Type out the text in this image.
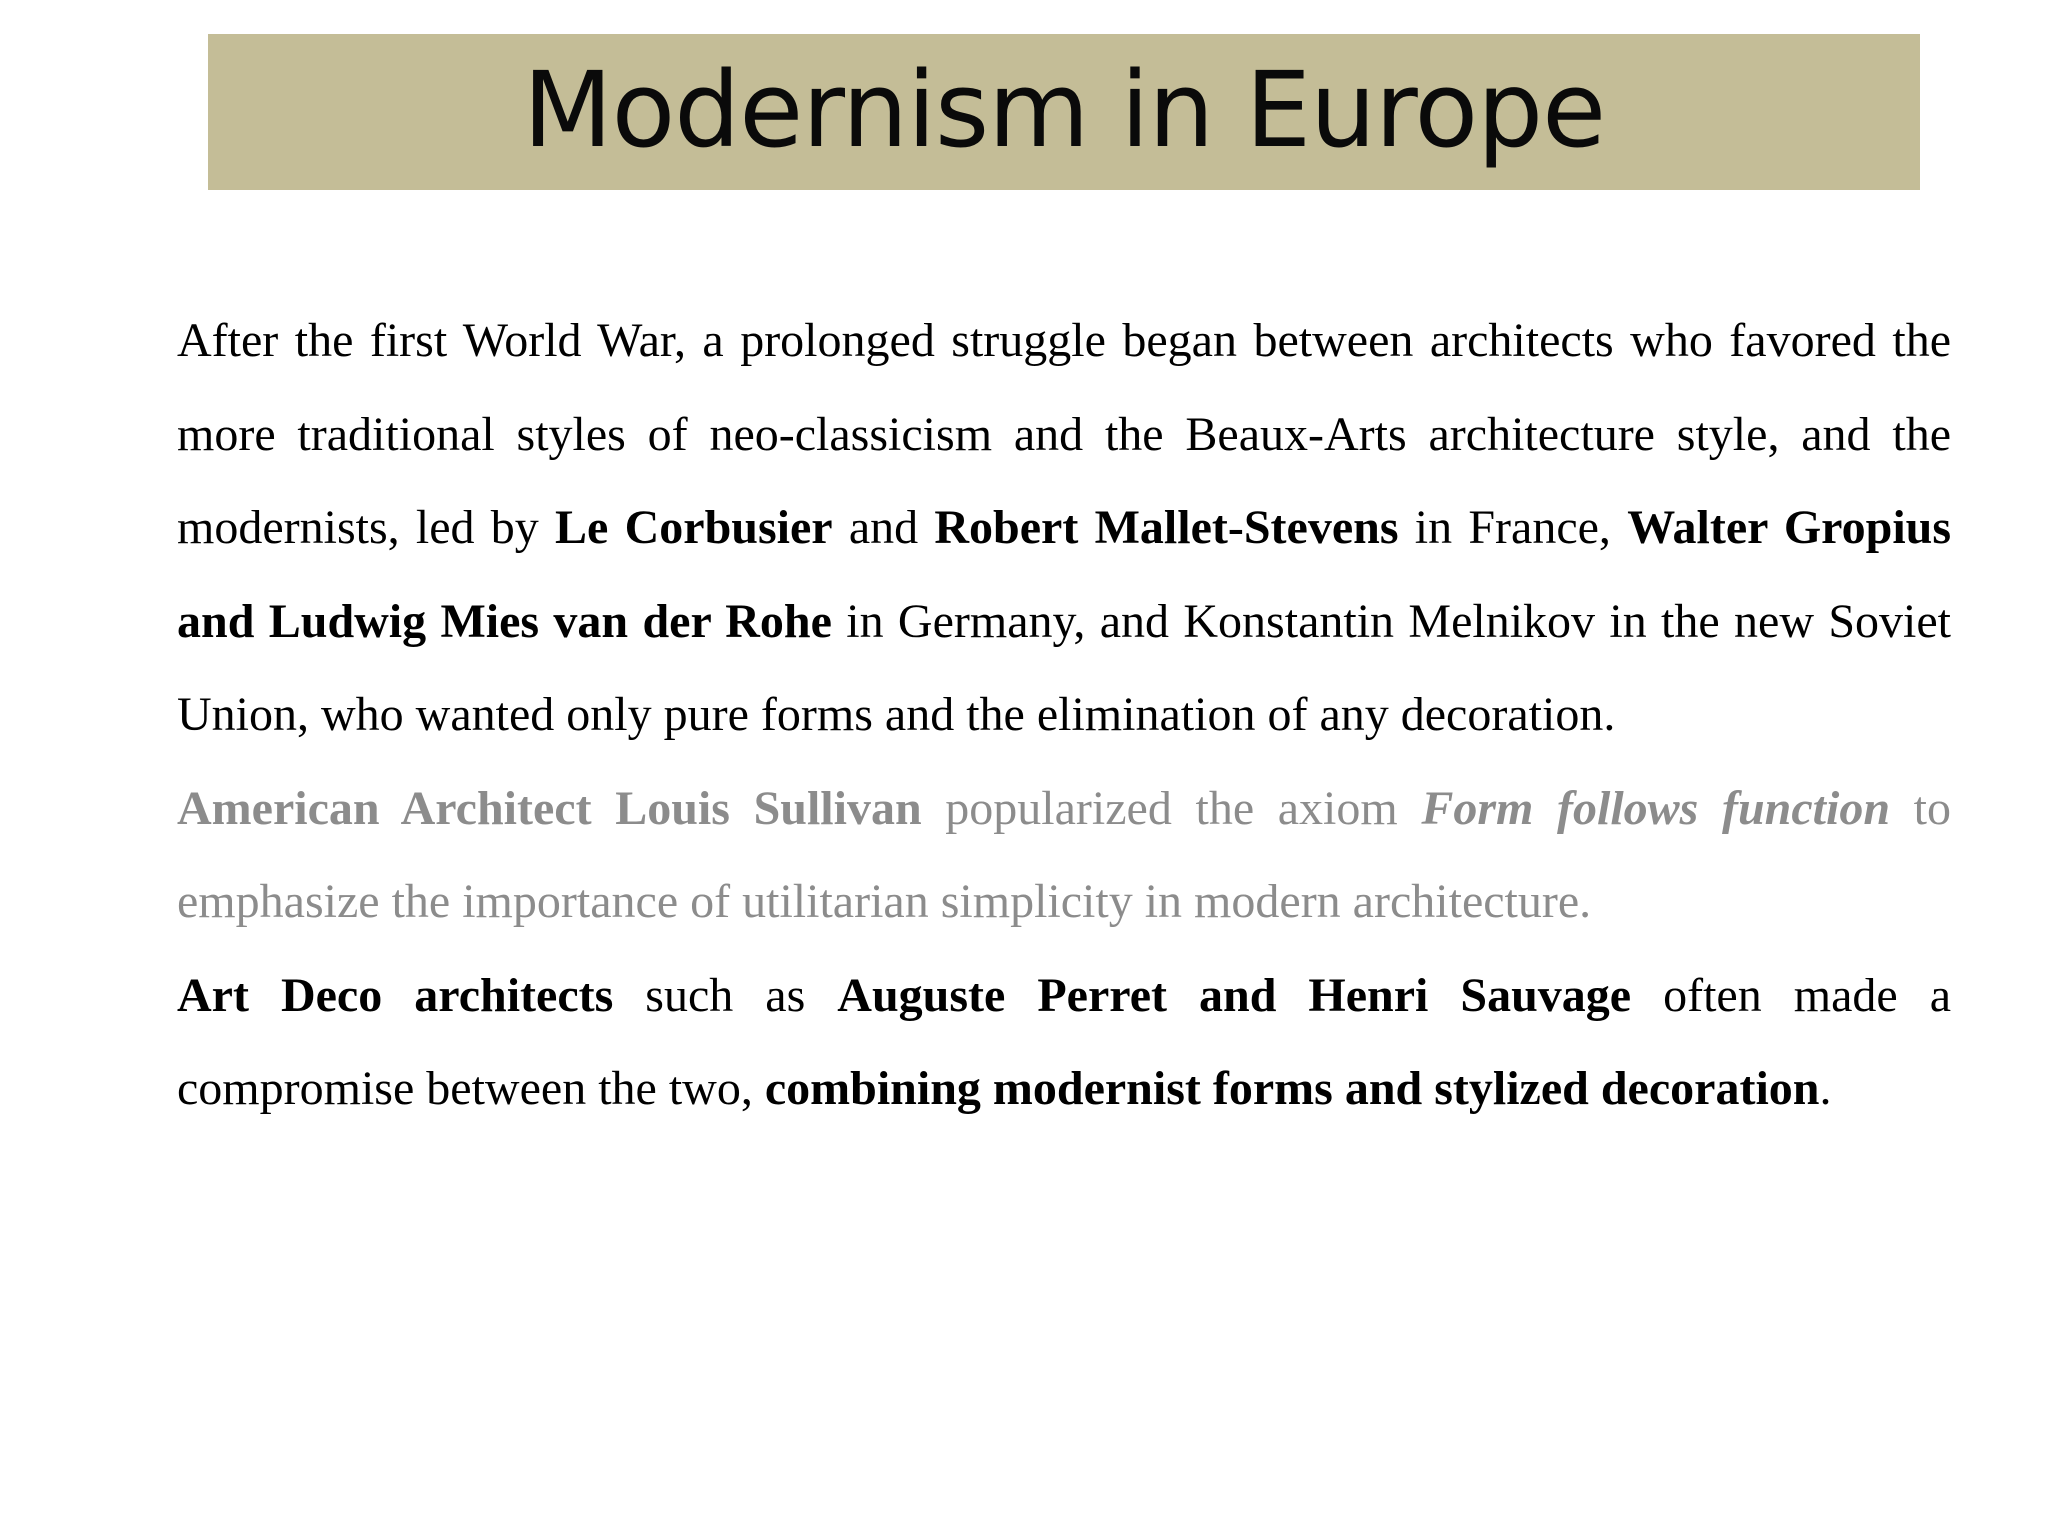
Modernism in Europe

After the first World War, a prolonged struggle began between architects who favored the more traditional styles of neo-classicism and the Beaux-Arts architecture style, and the modernists, led by Le Corbusier and Robert Mallet-Stevens in France, Walter Gropius and Ludwig Mies van der Rohe in Germany, and Konstantin Melnikov in the new Soviet Union, who wanted only pure forms and the elimination of any decoration.

American Architect Louis Sullivan popularized the axiom Form follows function to emphasize the importance of utilitarian simplicity in modern architecture.

Art Deco architects such as Auguste Perret and Henri Sauvage often made a compromise between the two, combining modernist forms and stylized decoration.
